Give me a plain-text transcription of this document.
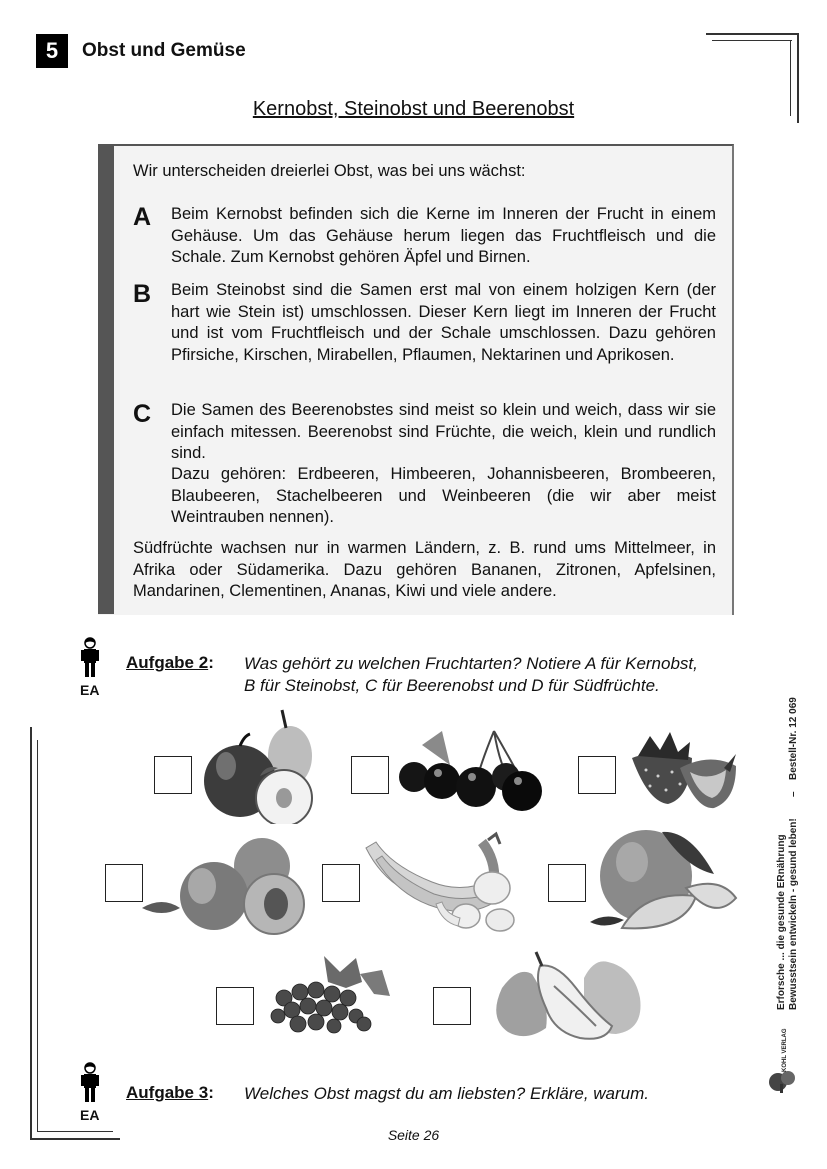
5	Obst und Gemüse
Kernobst, Steinobst und Beerenobst
Wir unterscheiden dreierlei Obst, was bei uns wächst:
A Beim Kernobst befinden sich die Kerne im Inneren der Frucht in einem Gehäuse. Um das Gehäuse herum liegen das Fruchtfleisch und die Schale. Zum Kernobst gehören Äpfel und Birnen.
B Beim Steinobst sind die Samen erst mal von einem holzigen Kern (der hart wie Stein ist) umschlossen. Dieser Kern liegt im Inneren der Frucht und ist vom Fruchtfleisch und der Schale umschlossen. Dazu gehören Pfirsiche, Kirschen, Mirabellen, Pflaumen, Nektarinen und Aprikosen.
C Die Samen des Beerenobstes sind meist so klein und weich, dass wir sie einfach mitessen. Beerenobst sind Früchte, die weich, klein und rundlich sind.
Dazu gehören: Erdbeeren, Himbeeren, Johannisbeeren, Brombeeren, Blaubeeren, Stachelbeeren und Weinbeeren (die wir aber meist Weintrauben nennen).
Südfrüchte wachsen nur in warmen Ländern, z. B. rund ums Mittelmeer, in Afrika oder Südamerika. Dazu gehören Bananen, Zitronen, Apfelsinen, Mandarinen, Clementinen, Ananas, Kiwi und viele andere.
EA
Aufgabe 2: Was gehört zu welchen Fruchtarten? Notiere A für Kernobst,
B für Steinobst, C für Beerenobst und D für Südfrüchte.
EA
Aufgabe 3: Welches Obst magst du am liebsten? Erkläre, warum.
Erforsche ... die gesunde ERnährung Bewusstsein entwickeln - gesund leben!
–
Bestell-Nr. 12 069
KOHL VERLAG
Seite 26
